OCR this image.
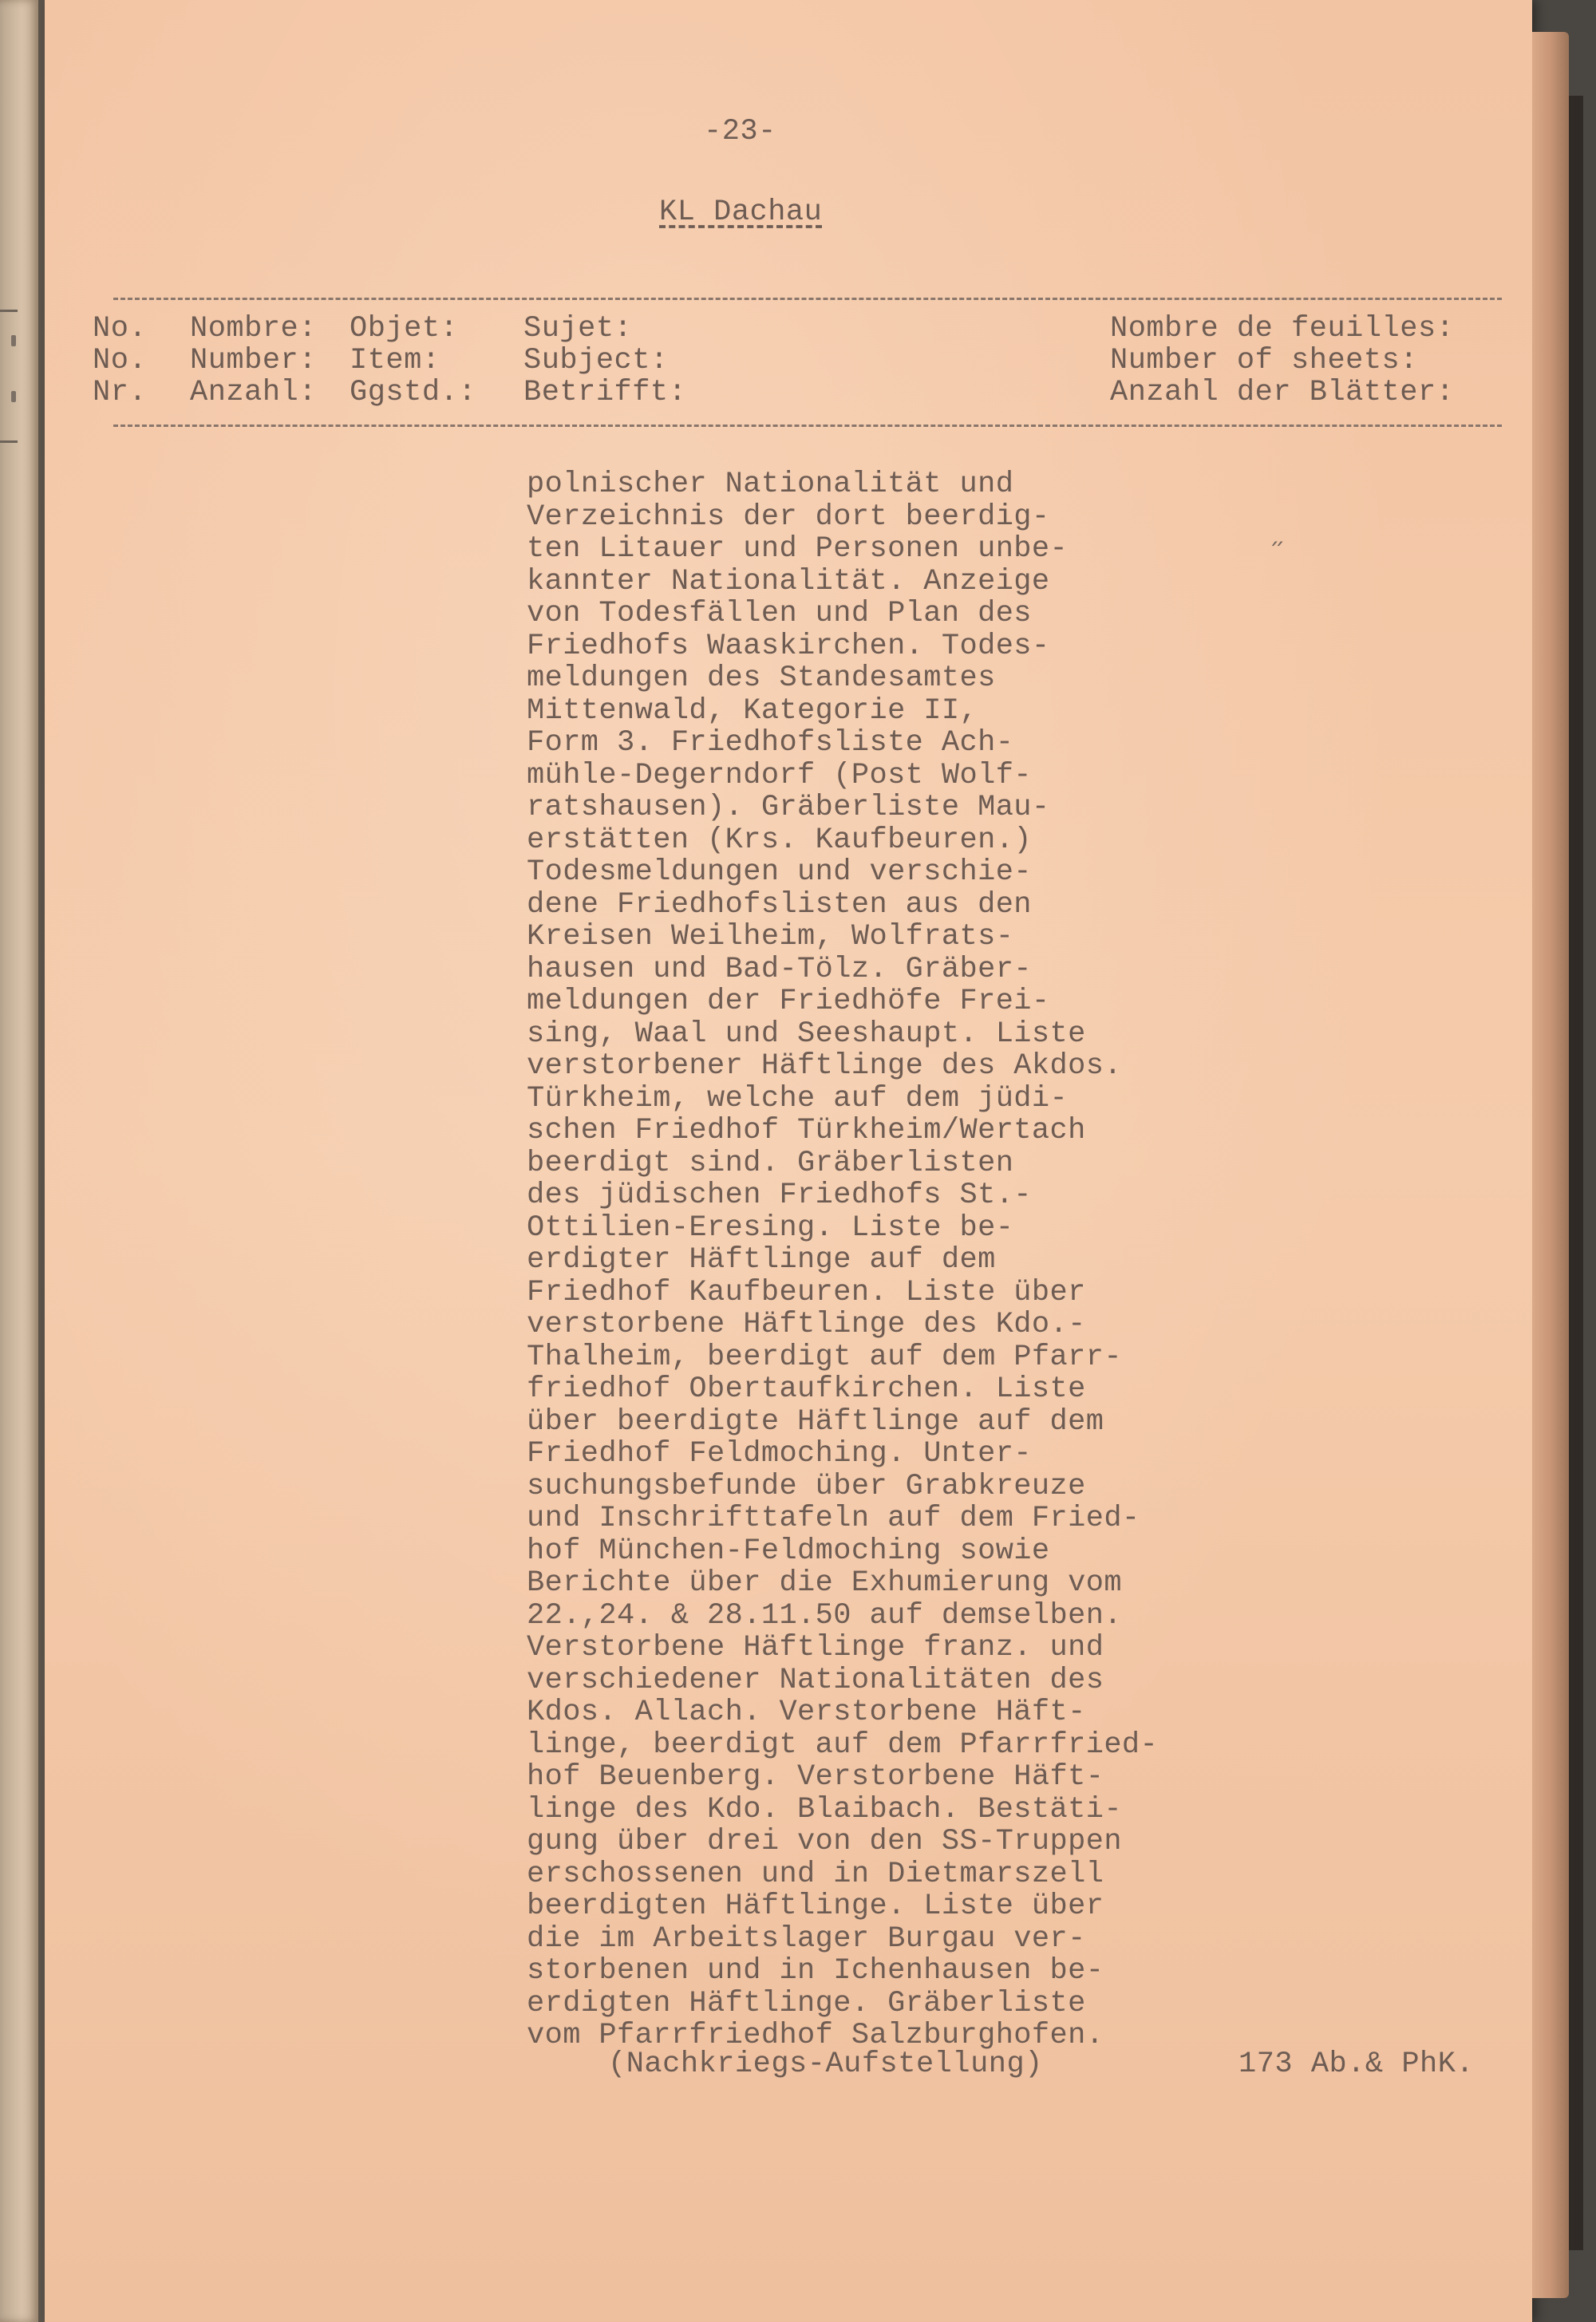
-23-
KL Dachau
No. Nombre: Objet: Sujet:	Nombre de feuilles:
No. Number: Item:	Subject:	Number of sheets:
Nr. Anzahl: Ggstd.: Betrifft:	Anzahl der Blätter:
polnischer Nationalität und
Verzeichnis der dort beerdig-
ten Litauer und Personen unbe-
kannter Nationalität. Anzeige
von Todesfällen und Plan des
Friedhofs Waaskirchen. Todes-
meldungen des Standesamtes
Mittenwald, Kategorie II,
Form 3. Friedhofsliste Ach-
mühle-Degerndorf (Post Wolf-
ratshausen). Gräberliste Mau-
erstätten (Krs. Kaufbeuren.)
Todesmeldungen und verschie-
dene Friedhofslisten aus den
Kreisen Weilheim, Wolfrats-
hausen und Bad-Tölz. Gräber-
meldungen der Friedhöfe Frei-
sing, Waal und Seeshaupt. Liste
verstorbener Häftlinge des Akdos.
Türkheim, welche auf dem jüdi-
schen Friedhof Türkheim/Wertach
beerdigt sind. Gräberlisten
des jüdischen Friedhofs St.-
Ottilien-Eresing. Liste be-
erdigter Häftlinge auf dem
Friedhof Kaufbeuren. Liste über
verstorbene Häftlinge des Kdo.-
Thalheim, beerdigt auf dem Pfarr-
friedhof Obertaufkirchen. Liste
über beerdigte Häftlinge auf dem
Friedhof Feldmoching. Unter-
suchungsbefunde über Grabkreuze
und Inschrifttafeln auf dem Fried-
hof München-Feldmoching sowie
Berichte über die Exhumierung vom
22.,24. & 28.11.50 auf demselben.
Verstorbene Häftlinge franz. und
verschiedener Nationalitäten des
Kdos. Allach. Verstorbene Häft-
linge, beerdigt auf dem Pfarrfried-
hof Beuenberg. Verstorbene Häft-
linge des Kdo. Blaibach. Bestäti-
gung über drei von den SS-Truppen
erschossenen und in Dietmarszell
beerdigten Häftlinge. Liste über
die im Arbeitslager Burgau ver-
storbenen und in Ichenhausen be-
erdigten Häftlinge. Gräberliste
vom Pfarrfriedhof Salzburghofen.
(Nachkriegs-Aufstellung)	173 Ab.& PhK.
״
